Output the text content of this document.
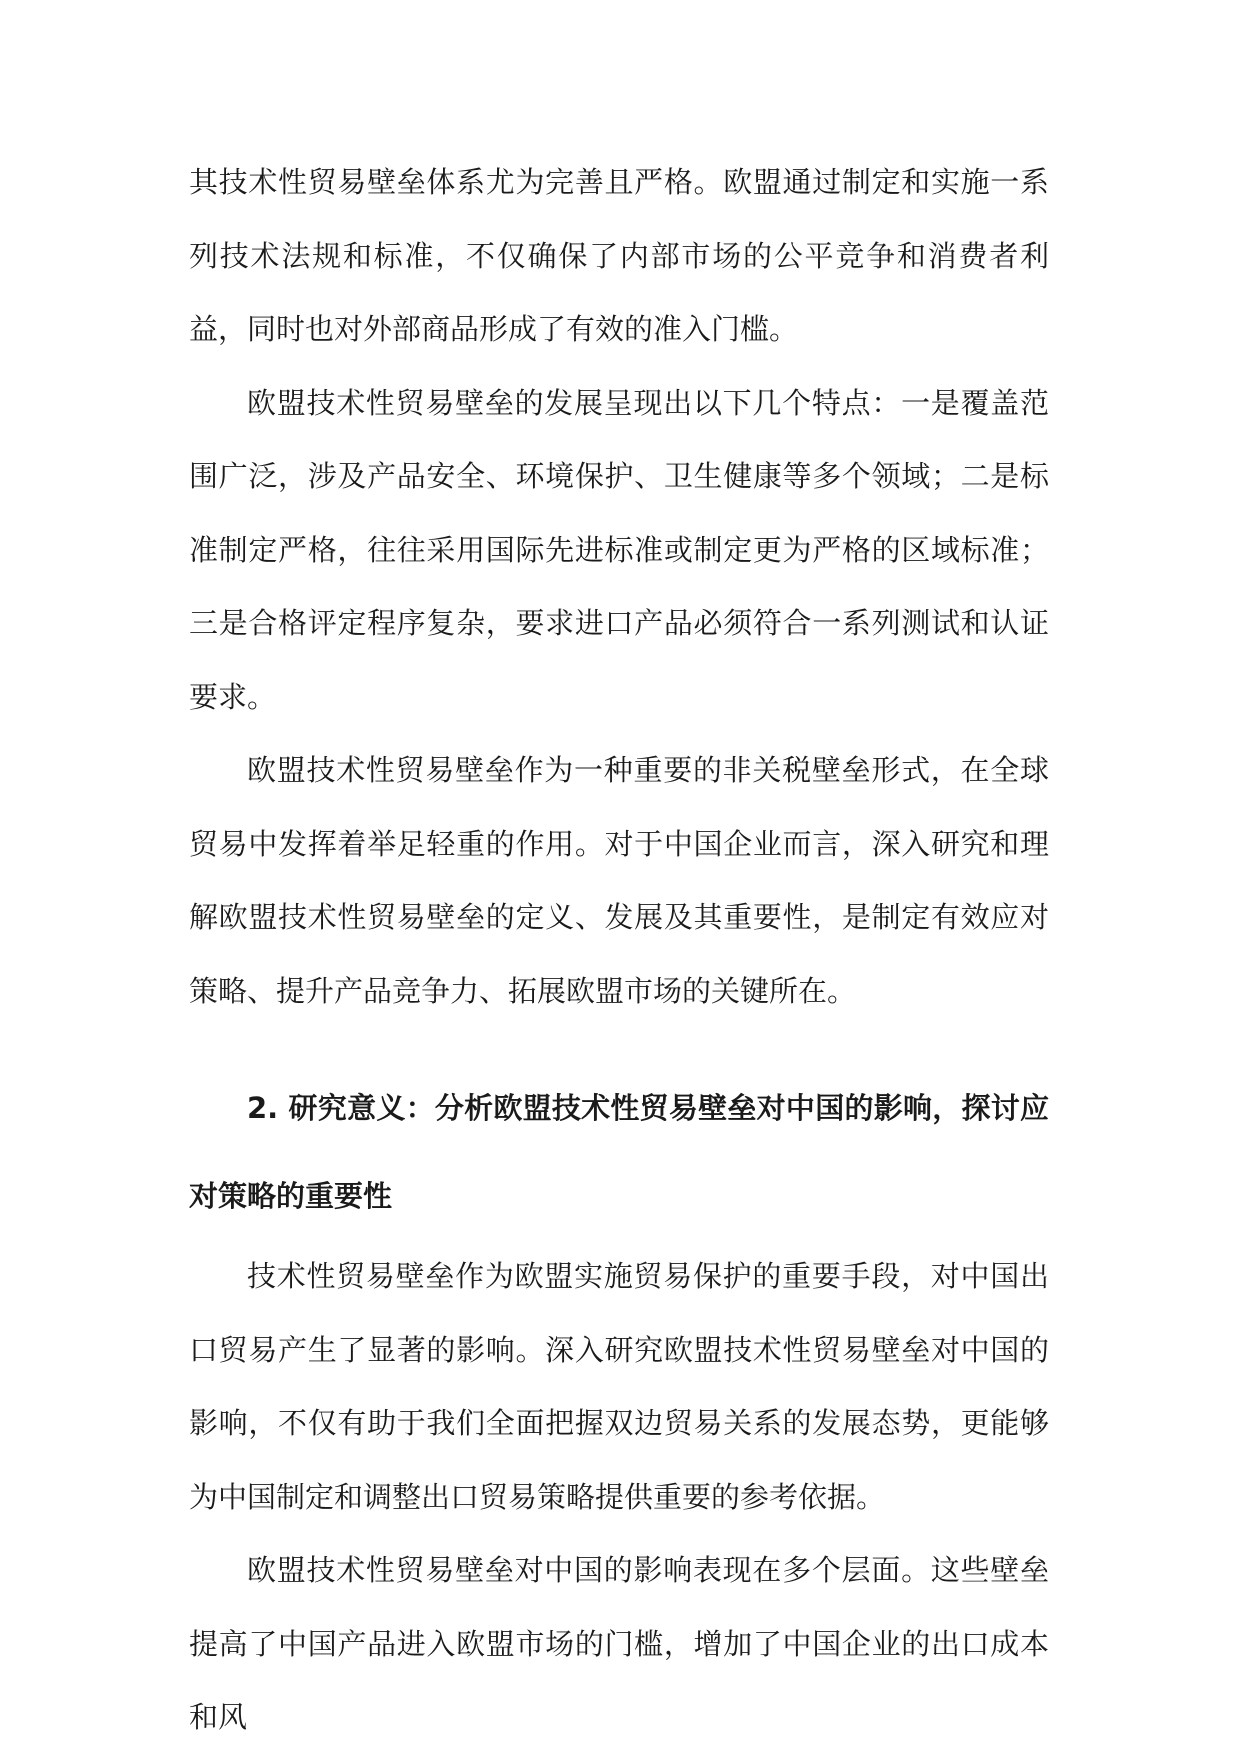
其技术性贸易壁垒体系尤为完善且严格。欧盟通过制定和实施一系列技术法规和标准，不仅确保了内部市场的公平竞争和消费者利益，同时也对外部商品形成了有效的准入门槛。

欧盟技术性贸易壁垒的发展呈现出以下几个特点：一是覆盖范围广泛，涉及产品安全、环境保护、卫生健康等多个领域；二是标准制定严格，往往采用国际先进标准或制定更为严格的区域标准；三是合格评定程序复杂，要求进口产品必须符合一系列测试和认证要求。

欧盟技术性贸易壁垒作为一种重要的非关税壁垒形式，在全球贸易中发挥着举足轻重的作用。对于中国企业而言，深入研究和理解欧盟技术性贸易壁垒的定义、发展及其重要性，是制定有效应对策略、提升产品竞争力、拓展欧盟市场的关键所在。

2. 研究意义：分析欧盟技术性贸易壁垒对中国的影响，探讨应对策略的重要性

技术性贸易壁垒作为欧盟实施贸易保护的重要手段，对中国出口贸易产生了显著的影响。深入研究欧盟技术性贸易壁垒对中国的影响，不仅有助于我们全面把握双边贸易关系的发展态势，更能够为中国制定和调整出口贸易策略提供重要的参考依据。

欧盟技术性贸易壁垒对中国的影响表现在多个层面。这些壁垒提高了中国产品进入欧盟市场的门槛，增加了中国企业的出口成本和风
